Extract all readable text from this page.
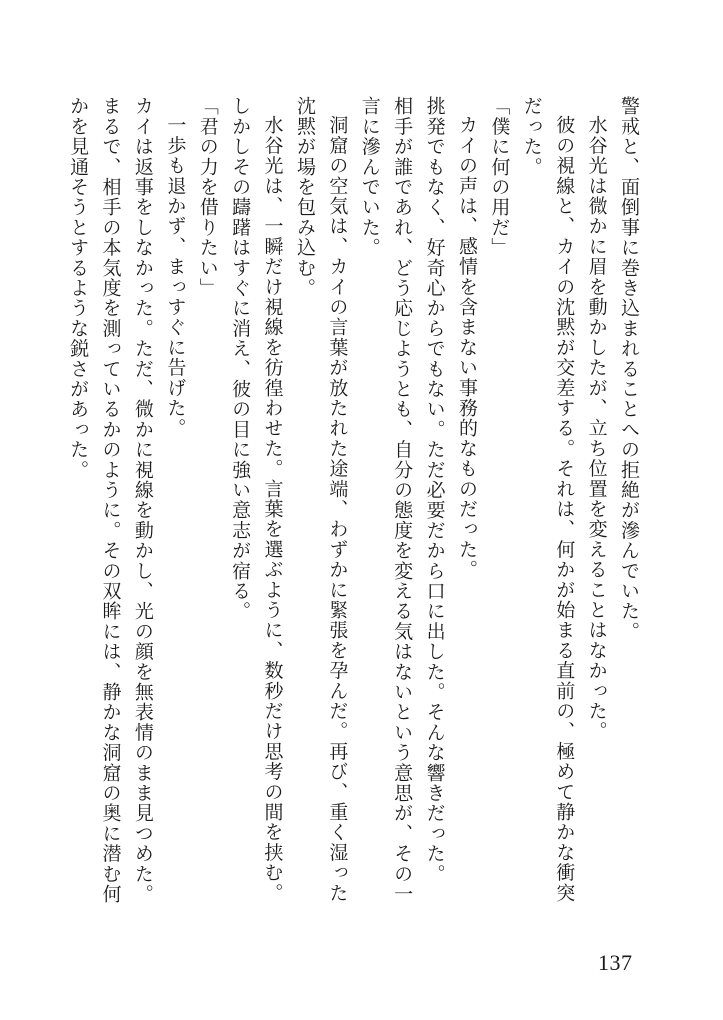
警戒と、面倒事に巻き込まれることへの拒絶が滲んでいた。

水谷光は微かに眉を動かしたが、立ち位置を変えることはなかった。

彼の視線と、カイの沈黙が交差する。それは、何かが始まる直前の、極めて静かな衝突

だった。

「僕に何の用だ」

カイの声は、感情を含まない事務的なものだった。

挑発でもなく、好奇心からでもない。ただ必要だから口に出した。そんな響きだった。

相手が誰であれ、どう応じようとも、自分の態度を変える気はないという意思が、その一

言に滲んでいた。

洞窟の空気は、カイの言葉が放たれた途端、わずかに緊張を孕んだ。再び、重く湿った

沈黙が場を包み込む。

水谷光は、一瞬だけ視線を彷徨わせた。言葉を選ぶように、数秒だけ思考の間を挟む。

しかしその躊躇はすぐに消え、彼の目に強い意志が宿る。

「君の力を借りたい」

一歩も退かず、まっすぐに告げた。

カイは返事をしなかった。ただ、微かに視線を動かし、光の顔を無表情のまま見つめた。

まるで、相手の本気度を測っているかのように。その双眸には、静かな洞窟の奥に潜む何

かを見通そうとするような鋭さがあった。

137
